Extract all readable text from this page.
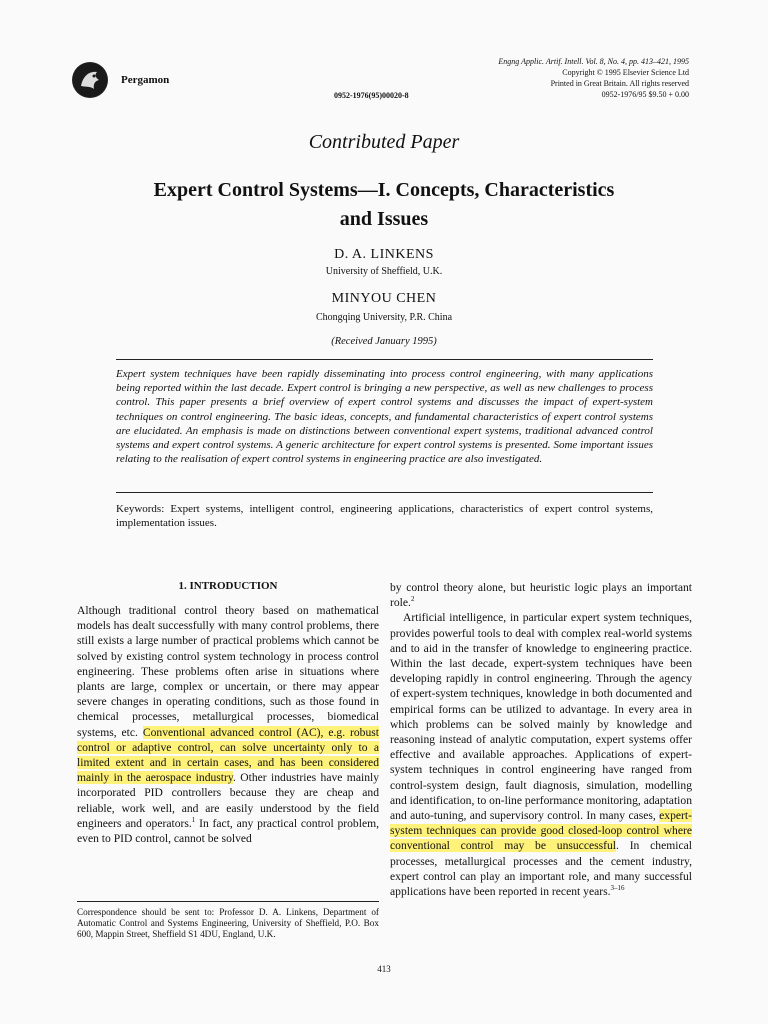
Pergamon
0952-1976(95)00020-8
Engng Applic. Artif. Intell. Vol. 8, No. 4, pp. 413–421, 1995
Copyright © 1995 Elsevier Science Ltd
Printed in Great Britain. All rights reserved
0952-1976/95 $9.50 + 0.00
Contributed Paper
Expert Control Systems—I. Concepts, Characteristics
and Issues
D. A. LINKENS
University of Sheffield, U.K.
MINYOU CHEN
Chongqing University, P.R. China
(Received January 1995)
Expert system techniques have been rapidly disseminating into process control engineering, with many applications being reported within the last decade. Expert control is bringing a new perspective, as well as new challenges to process control. This paper presents a brief overview of expert control systems and discusses the impact of expert-system techniques on control engineering. The basic ideas, concepts, and fundamental characteristics of expert control systems are elucidated. An emphasis is made on distinctions between conventional expert systems, traditional advanced control systems and expert control systems. A generic architecture for expert control systems is presented. Some important issues relating to the realisation of expert control systems in engineering practice are also investigated.
Keywords: Expert systems, intelligent control, engineering applications, characteristics of expert control systems, implementation issues.
1. INTRODUCTION

Although traditional control theory based on mathematical models has dealt successfully with many control problems, there still exists a large number of practical problems which cannot be solved by existing control system technology in process control engineering. These problems often arise in situations where plants are large, complex or uncertain, or there may appear severe changes in operating conditions, such as those found in chemical processes, metallurgical processes, biomedical systems, etc. Conventional advanced control (AC), e.g. robust control or adaptive control, can solve uncertainty only to a limited extent and in certain cases, and has been considered mainly in the aerospace industry. Other industries have mainly incorporated PID controllers because they are cheap and reliable, work well, and are easily understood by the field engineers and operators.$^1$ In fact, any practical control problem, even to PID control, cannot be solved

by control theory alone, but heuristic logic plays an important role.$^2$

Artificial intelligence, in particular expert system techniques, provides powerful tools to deal with complex real-world systems and to aid in the transfer of knowledge to engineering practice. Within the last decade, expert-system techniques have been developing rapidly in control engineering. Through the agency of expert-system techniques, knowledge in both documented and empirical forms can be utilized to advantage. In every area in which problems can be solved mainly by knowledge and reasoning instead of analytic computation, expert systems offer effective and available approaches. Applications of expert-system techniques in control engineering have ranged from control-system design, fault diagnosis, simulation, modelling and identification, to on-line performance monitoring, adaptation and auto-tuning, and supervisory control. In many cases, expert-system techniques can provide good closed-loop control where conventional control may be unsuccessful. In chemical processes, metallurgical processes and the cement industry, expert control can play an important role, and many successful applications have been reported in recent years.$^{3-16}$

Correspondence should be sent to: Professor D. A. Linkens, Department of Automatic Control and Systems Engineering, University of Sheffield, P.O. Box 600, Mappin Street, Sheffield S1 4DU, England, U.K.
413
